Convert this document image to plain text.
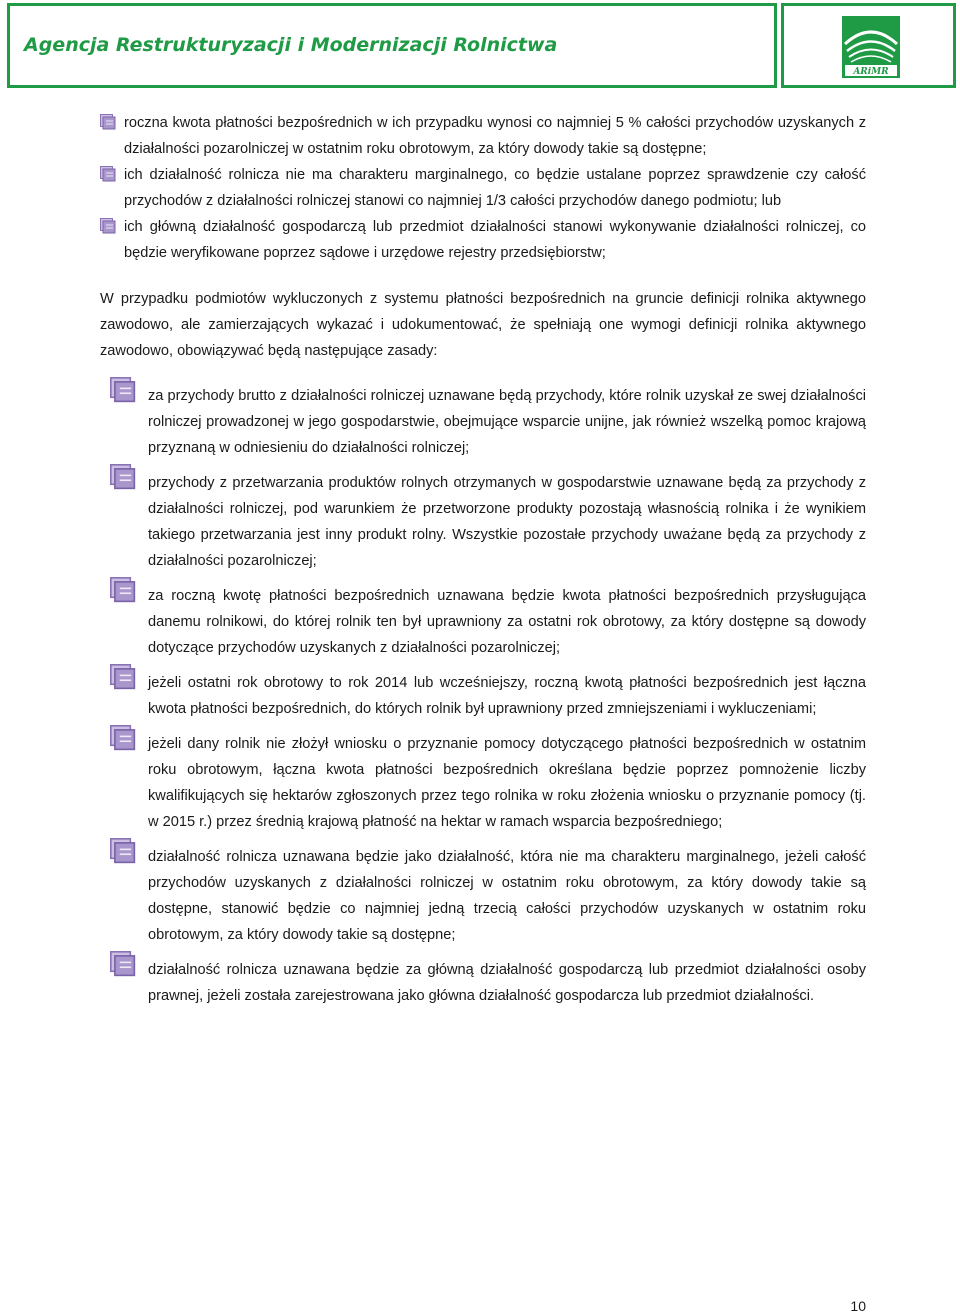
Agencja Restrukturyzacji i Modernizacji Rolnictwa
ARiMR
roczna kwota płatności bezpośrednich w ich przypadku wynosi co najmniej 5 % całości przychodów uzyskanych z działalności pozarolniczej w ostatnim roku obrotowym, za który dowody takie są dostępne;
ich działalność rolnicza nie ma charakteru marginalnego, co będzie ustalane poprzez sprawdzenie czy całość przychodów z działalności rolniczej stanowi co najmniej 1/3 całości przychodów danego podmiotu; lub
ich główną działalność gospodarczą lub przedmiot działalności stanowi wykonywanie działalności rolniczej, co będzie weryfikowane poprzez sądowe i urzędowe rejestry przedsiębiorstw;
W przypadku podmiotów wykluczonych z systemu płatności bezpośrednich na gruncie definicji rolnika aktywnego zawodowo, ale zamierzających wykazać i udokumentować, że spełniają one wymogi definicji rolnika aktywnego zawodowo, obowiązywać będą następujące zasady:
za przychody brutto z działalności rolniczej uznawane będą przychody, które rolnik uzyskał ze swej działalności rolniczej prowadzonej w jego gospodarstwie, obejmujące wsparcie unijne, jak również wszelką pomoc krajową przyznaną w odniesieniu do działalności rolniczej;
przychody z przetwarzania produktów rolnych otrzymanych w gospodarstwie uznawane będą za przychody z działalności rolniczej, pod warunkiem że przetworzone produkty pozostają własnością rolnika i że wynikiem takiego przetwarzania jest inny produkt rolny. Wszystkie pozostałe przychody uważane będą za przychody z działalności pozarolniczej;
za roczną kwotę płatności bezpośrednich uznawana będzie kwota płatności bezpośrednich przysługująca danemu rolnikowi, do której rolnik ten był uprawniony za ostatni rok obrotowy, za który dostępne są dowody dotyczące przychodów uzyskanych z działalności pozarolniczej;
jeżeli ostatni rok obrotowy to rok 2014 lub wcześniejszy, roczną kwotą płatności bezpośrednich jest łączna kwota płatności bezpośrednich, do których rolnik był uprawniony przed zmniejszeniami i wykluczeniami;
jeżeli dany rolnik nie złożył wniosku o przyznanie pomocy dotyczącego płatności bezpośrednich w ostatnim roku obrotowym, łączna kwota płatności bezpośrednich określana będzie poprzez pomnożenie liczby kwalifikujących się hektarów zgłoszonych przez tego rolnika w roku złożenia wniosku o przyznanie pomocy (tj. w 2015 r.) przez średnią krajową płatność na hektar w ramach wsparcia bezpośredniego;
działalność rolnicza uznawana będzie jako działalność, która nie ma charakteru marginalnego, jeżeli całość przychodów uzyskanych z działalności rolniczej w ostatnim roku obrotowym, za który dowody takie są dostępne, stanowić będzie co najmniej jedną trzecią całości przychodów uzyskanych w ostatnim roku obrotowym, za który dowody takie są dostępne;
działalność rolnicza uznawana będzie za główną działalność gospodarczą lub przedmiot działalności osoby prawnej, jeżeli została zarejestrowana jako główna działalność gospodarcza lub przedmiot działalności.
10
